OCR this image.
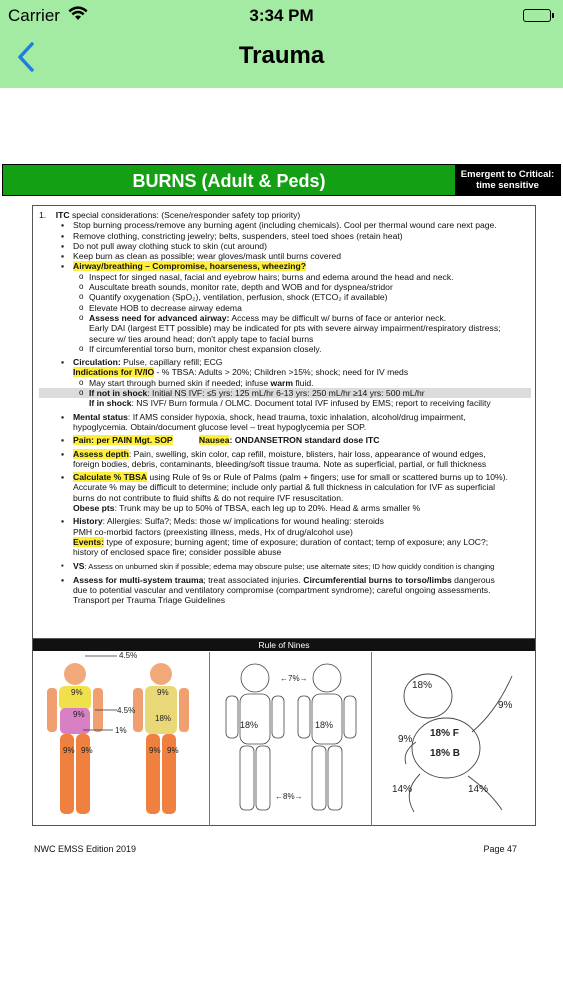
Carrier	3:34 PM
Trauma
BURNS (Adult & Peds)	Emergent to Critical:
time sensitive
1. ITC special considerations: (Scene/responder safety top priority)
▪ Stop burning process/remove any burning agent (including chemicals). Cool per thermal wound care next page.
▪ Remove clothing, constricting jewelry; belts, suspenders, steel toed shoes (retain heat)
▪ Do not pull away clothing stuck to skin (cut around)
▪ Keep burn as clean as possible; wear gloves/mask until burns covered
▪ Airway/breathing – Compromise, hoarseness, wheezing?
o Inspect for singed nasal, facial and eyebrow hairs; burns and edema around the head and neck.
o Auscultate breath sounds, monitor rate, depth and WOB and for dyspnea/stridor
o Quantify oxygenation (SpO₂), ventilation, perfusion, shock (ETCO₂ if available)
o Elevate HOB to decrease airway edema
o Assess need for advanced airway: Access may be difficult w/ burns of face or anterior neck.
Early DAI (largest ETT possible) may be indicated for pts with severe airway impairment/respiratory distress;
secure w/ ties around head; don't apply tape to facial burns
o If circumferential torso burn, monitor chest expansion closely.
▪ Circulation: Pulse, capillary refill; ECG
Indications for IV/IO - % TBSA: Adults > 20%; Children >15%; shock; need for IV meds
o May start through burned skin if needed; infuse warm fluid.
o If not in shock: Initial NS IVF: ≤5 yrs: 125 mL/hr 6-13 yrs: 250 mL/hr ≥14 yrs: 500 mL/hr
If in shock: NS IVF/ Burn formula / OLMC. Document total IVF infused by EMS; report to receiving facility
▪ Mental status: If AMS consider hypoxia, shock, head trauma, toxic inhalation, alcohol/drug impairment,
hypoglycemia. Obtain/document glucose level – treat hypoglycemia per SOP.
▪ Pain: per PAIN Mgt. SOP	Nausea: ONDANSETRON standard dose ITC
▪ Assess depth: Pain, swelling, skin color, cap refill, moisture, blisters, hair loss, appearance of wound edges,
foreign bodies, debris, contaminants, bleeding/soft tissue trauma. Note as superficial, partial, or full thickness
▪ Calculate % TBSA using Rule of 9s or Rule of Palms (palm + fingers; use for small or scattered burns up to 10%).
Accurate % may be difficult to determine; include only partial & full thickness in calculation for IVF as superficial
burns do not contribute to fluid shifts & do not require IVF resuscitation.
Obese pts: Trunk may be up to 50% of TBSA, each leg up to 20%. Head & arms smaller %
▪ History: Allergies: Sulfa?; Meds: those w/ implications for wound healing: steroids
PMH co-morbid factors (preexisting illness, meds, Hx of drug/alcohol use)
Events: type of exposure; burning agent; time of exposure; duration of contact; temp of exposure; any LOC?;
history of enclosed space fire; consider possible abuse
▪ VS: Assess on unburned skin if possible; edema may obscure pulse; use alternate sites; ID how quickly condition is changing
▪ Assess for multi-system trauma; treat associated injuries. Circumferential burns to torso/limbs dangerous
due to potential vascular and ventilatory compromise (compartment syndrome); careful ongoing assessments.
Transport per Trauma Triage Guidelines
Rule of Nines
4.5%
9%	9%
4.5%
18%
1%
9% 9%	9% 9%
9%
←7%→
18%	18%
←8%→
18%
9%
9%
18% F
18% B
14%	14%
NWC EMSS Edition 2019	Page 47
